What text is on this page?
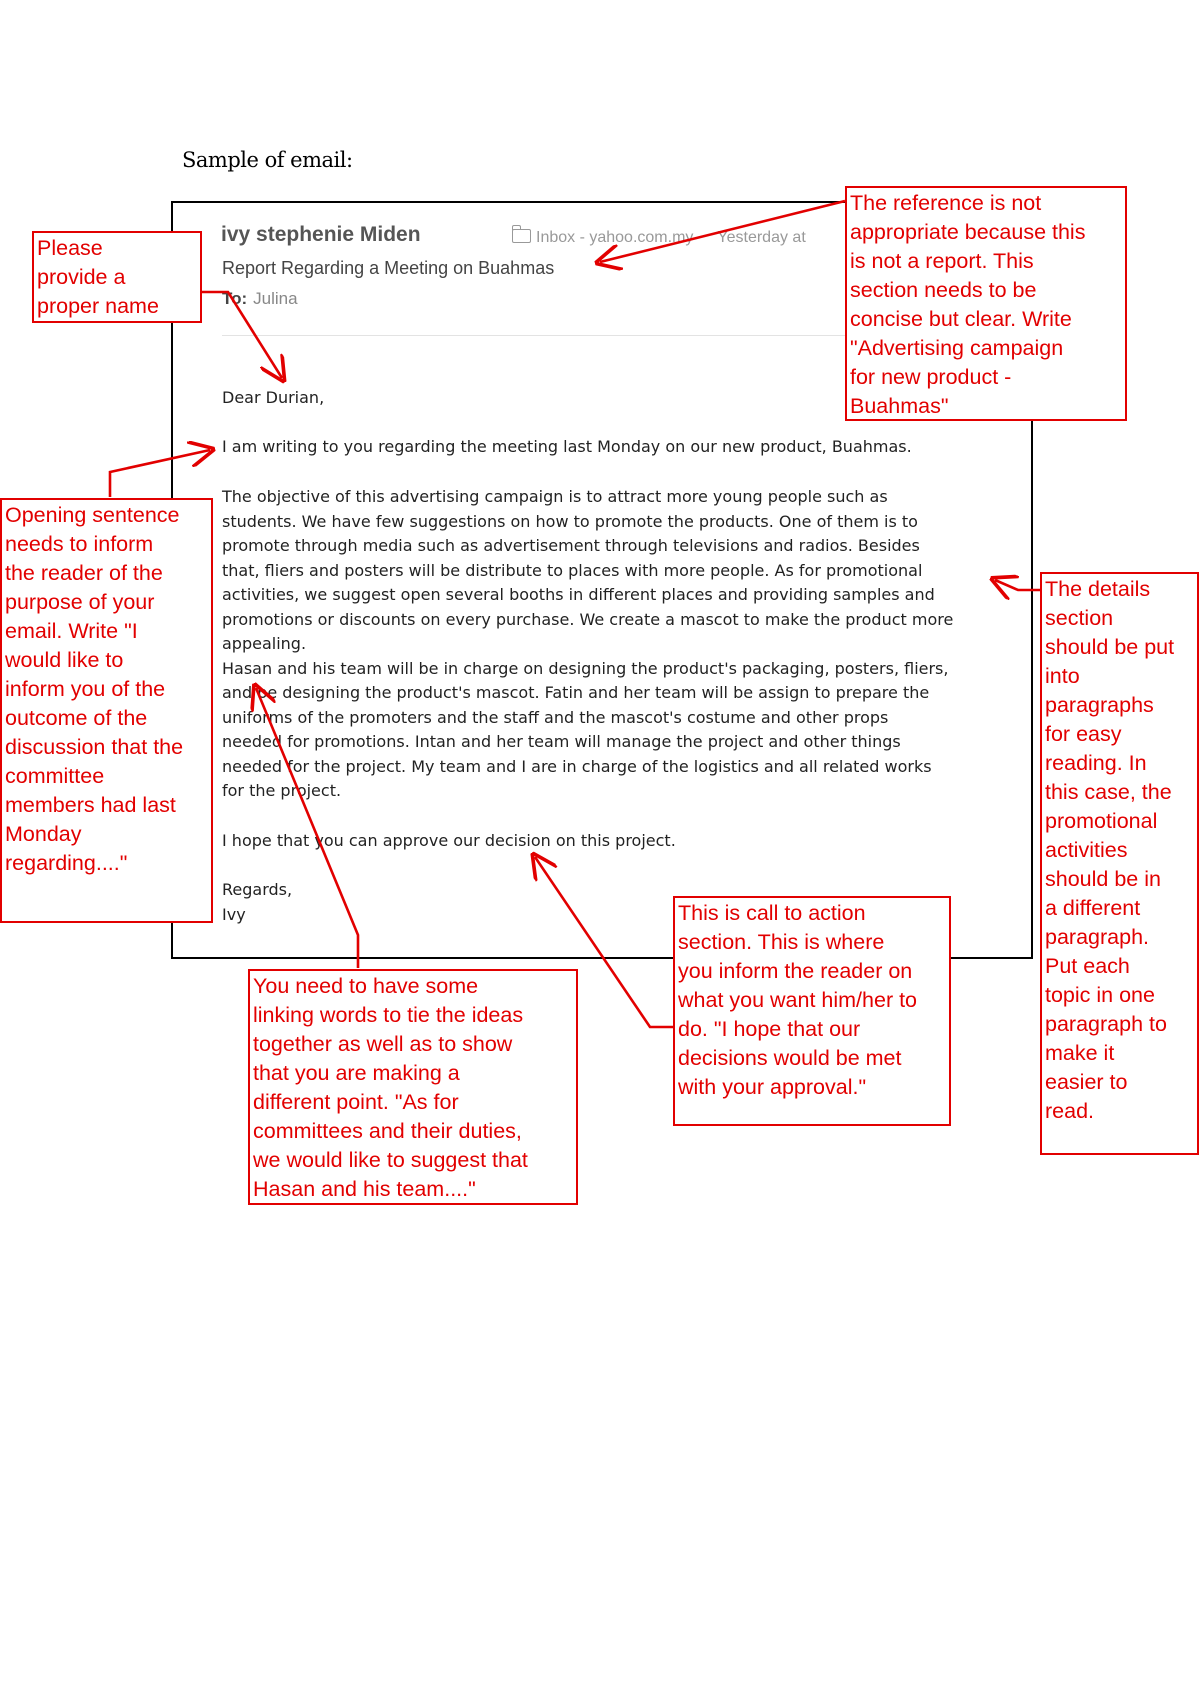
Sample of email:
ivy stephenie Miden	Inbox - yahoo.com.my Yesterday at
Report Regarding a Meeting on Buahmas
To: Julina
Dear Durian,
I am writing to you regarding the meeting last Monday on our new product, Buahmas.
The objective of this advertising campaign is to attract more young people such as
students. We have few suggestions on how to promote the products. One of them is to
promote through media such as advertisement through televisions and radios. Besides
that, fliers and posters will be distribute to places with more people. As for promotional
activities, we suggest open several booths in different places and providing samples and
promotions or discounts on every purchase. We create a mascot to make the product more
appealing.
Hasan and his team will be in charge on designing the product's packaging, posters, fliers,
and be designing the product's mascot. Fatin and her team will be assign to prepare the
uniforms of the promoters and the staff and the mascot's costume and other props
needed for promotions. Intan and her team will manage the project and other things
needed for the project. My team and I are in charge of the logistics and all related works
for the project.
I hope that you can approve our decision on this project.
Regards,
Ivy
Please
provide a
proper name
The reference is not
appropriate because this
is not a report. This
section needs to be
concise but clear. Write
"Advertising campaign
for new product -
Buahmas"
Opening sentence
needs to inform
the reader of the
purpose of your
email. Write "I
would like to
inform you of the
outcome of the
discussion that the
committee
members had last
Monday
regarding...."
The details
section
should be put
into
paragraphs
for easy
reading. In
this case, the
promotional
activities
should be in
a different
paragraph.
Put each
topic in one
paragraph to
make it
easier to
read.
You need to have some
linking words to tie the ideas
together as well as to show
that you are making a
different point. "As for
committees and their duties,
we would like to suggest that
Hasan and his team...."
This is call to action
section. This is where
you inform the reader on
what you want him/her to
do. "I hope that our
decisions would be met
with your approval."
